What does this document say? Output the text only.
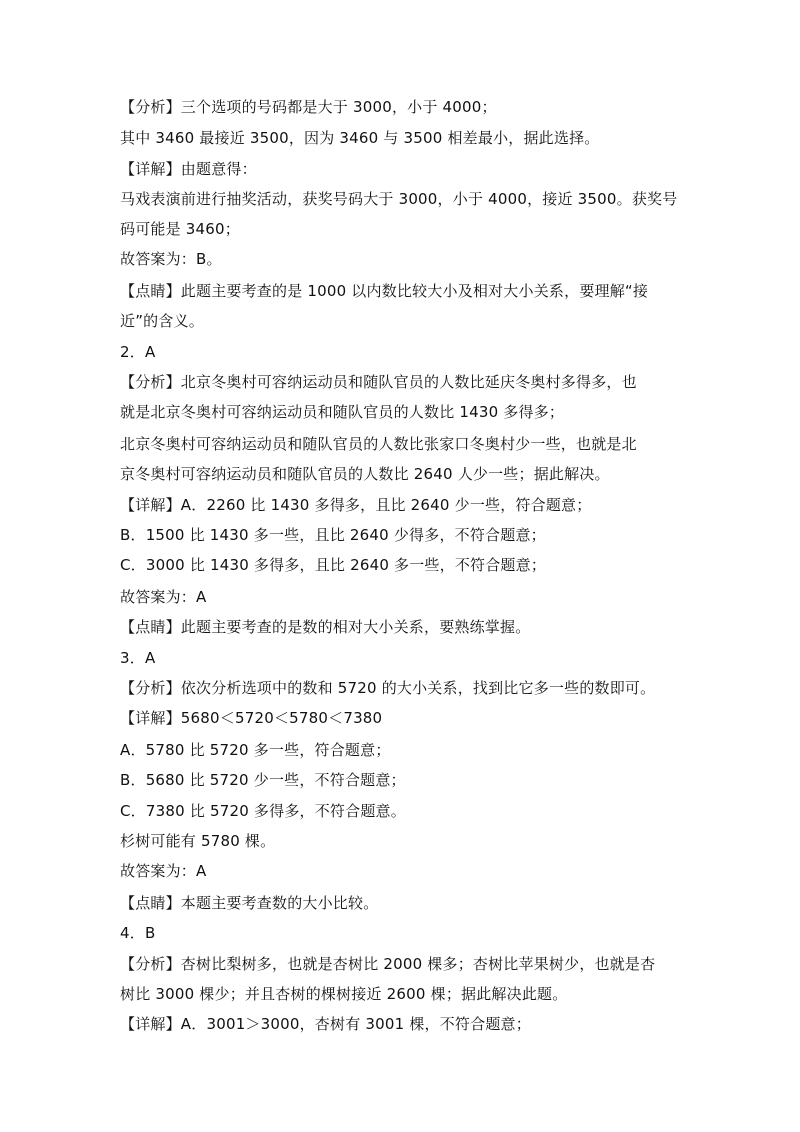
【分析】三个选项的号码都是大于 3000，小于 4000；
其中 3460 最接近 3500，因为 3460 与 3500 相差最小，据此选择。
【详解】由题意得：
马戏表演前进行抽奖活动，获奖号码大于 3000，小于 4000，接近 3500。获奖号
码可能是 3460；
故答案为：B。
【点睛】此题主要考查的是 1000 以内数比较大小及相对大小关系，要理解“接
近”的含义。
2．A
【分析】北京冬奥村可容纳运动员和随队官员的人数比延庆冬奥村多得多，也
就是北京冬奥村可容纳运动员和随队官员的人数比 1430 多得多；
北京冬奥村可容纳运动员和随队官员的人数比张家口冬奥村少一些，也就是北
京冬奥村可容纳运动员和随队官员的人数比 2640 人少一些；据此解决。
【详解】A．2260 比 1430 多得多，且比 2640 少一些，符合题意；
B．1500 比 1430 多一些，且比 2640 少得多，不符合题意；
C．3000 比 1430 多得多，且比 2640 多一些，不符合题意；
故答案为：A
【点睛】此题主要考查的是数的相对大小关系，要熟练掌握。
3．A
【分析】依次分析选项中的数和 5720 的大小关系，找到比它多一些的数即可。
【详解】5680＜5720＜5780＜7380
A．5780 比 5720 多一些，符合题意；
B．5680 比 5720 少一些，不符合题意；
C．7380 比 5720 多得多，不符合题意。
杉树可能有 5780 棵。
故答案为：A
【点睛】本题主要考查数的大小比较。
4．B
【分析】杏树比梨树多，也就是杏树比 2000 棵多；杏树比苹果树少，也就是杏
树比 3000 棵少；并且杏树的棵树接近 2600 棵；据此解决此题。
【详解】A．3001＞3000，杏树有 3001 棵，不符合题意；
